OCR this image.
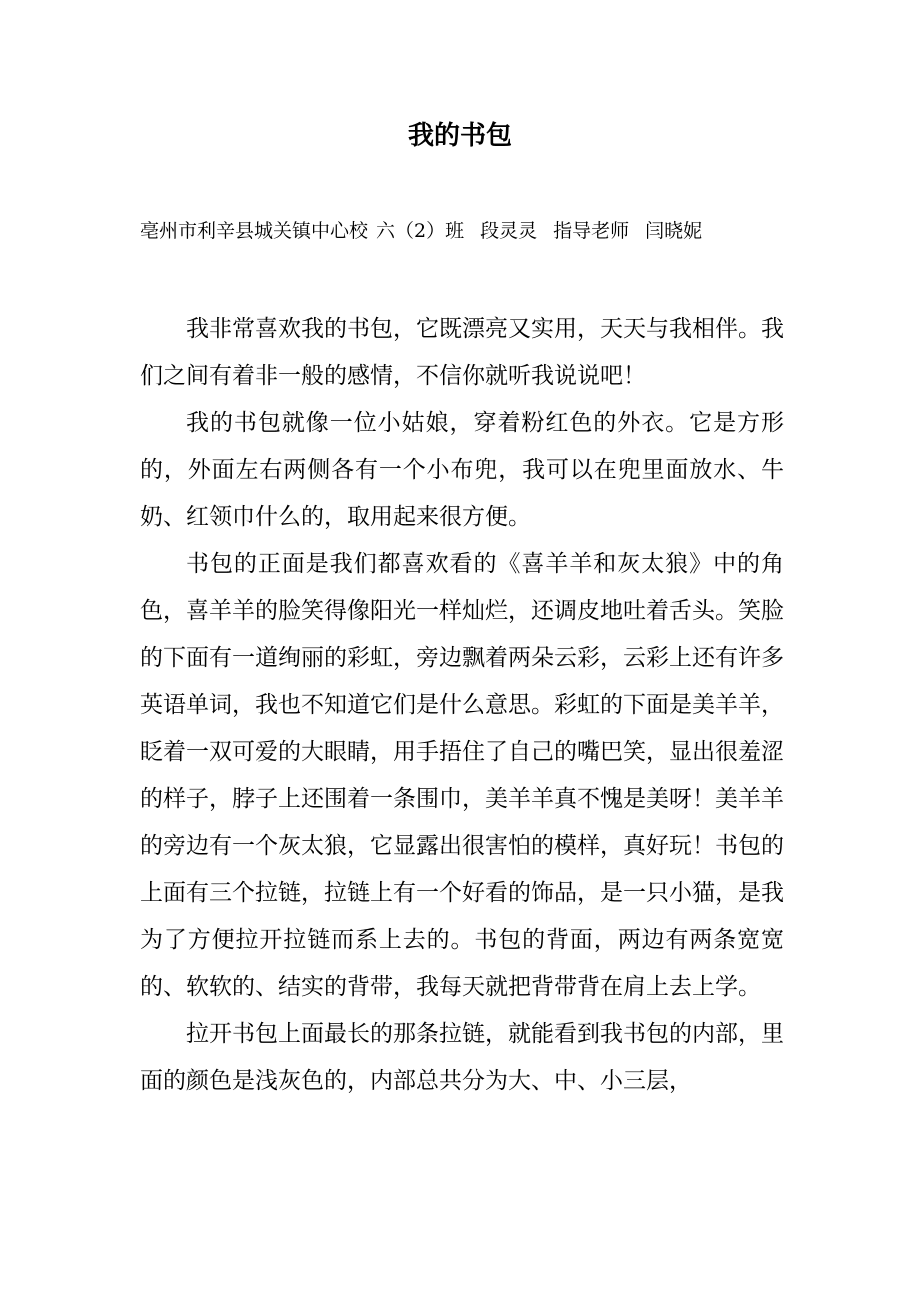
我的书包
亳州市利辛县城关镇中心校 六（2）班 段灵灵 指导老师 闫晓妮

我非常喜欢我的书包，它既漂亮又实用，天天与我相伴。我们之间有着非一般的感情，不信你就听我说说吧！

我的书包就像一位小姑娘，穿着粉红色的外衣。它是方形的，外面左右两侧各有一个小布兜，我可以在兜里面放水、牛奶、红领巾什么的，取用起来很方便。

书包的正面是我们都喜欢看的《喜羊羊和灰太狼》中的角色，喜羊羊的脸笑得像阳光一样灿烂，还调皮地吐着舌头。笑脸的下面有一道绚丽的彩虹，旁边飘着两朵云彩，云彩上还有许多英语单词，我也不知道它们是什么意思。彩虹的下面是美羊羊，眨着一双可爱的大眼睛，用手捂住了自己的嘴巴笑，显出很羞涩的样子，脖子上还围着一条围巾，美羊羊真不愧是美呀！美羊羊的旁边有一个灰太狼，它显露出很害怕的模样，真好玩！书包的上面有三个拉链，拉链上有一个好看的饰品，是一只小猫，是我为了方便拉开拉链而系上去的。书包的背面，两边有两条宽宽的、软软的、结实的背带，我每天就把背带背在肩上去上学。

拉开书包上面最长的那条拉链，就能看到我书包的内部，里面的颜色是浅灰色的，内部总共分为大、中、小三层，
